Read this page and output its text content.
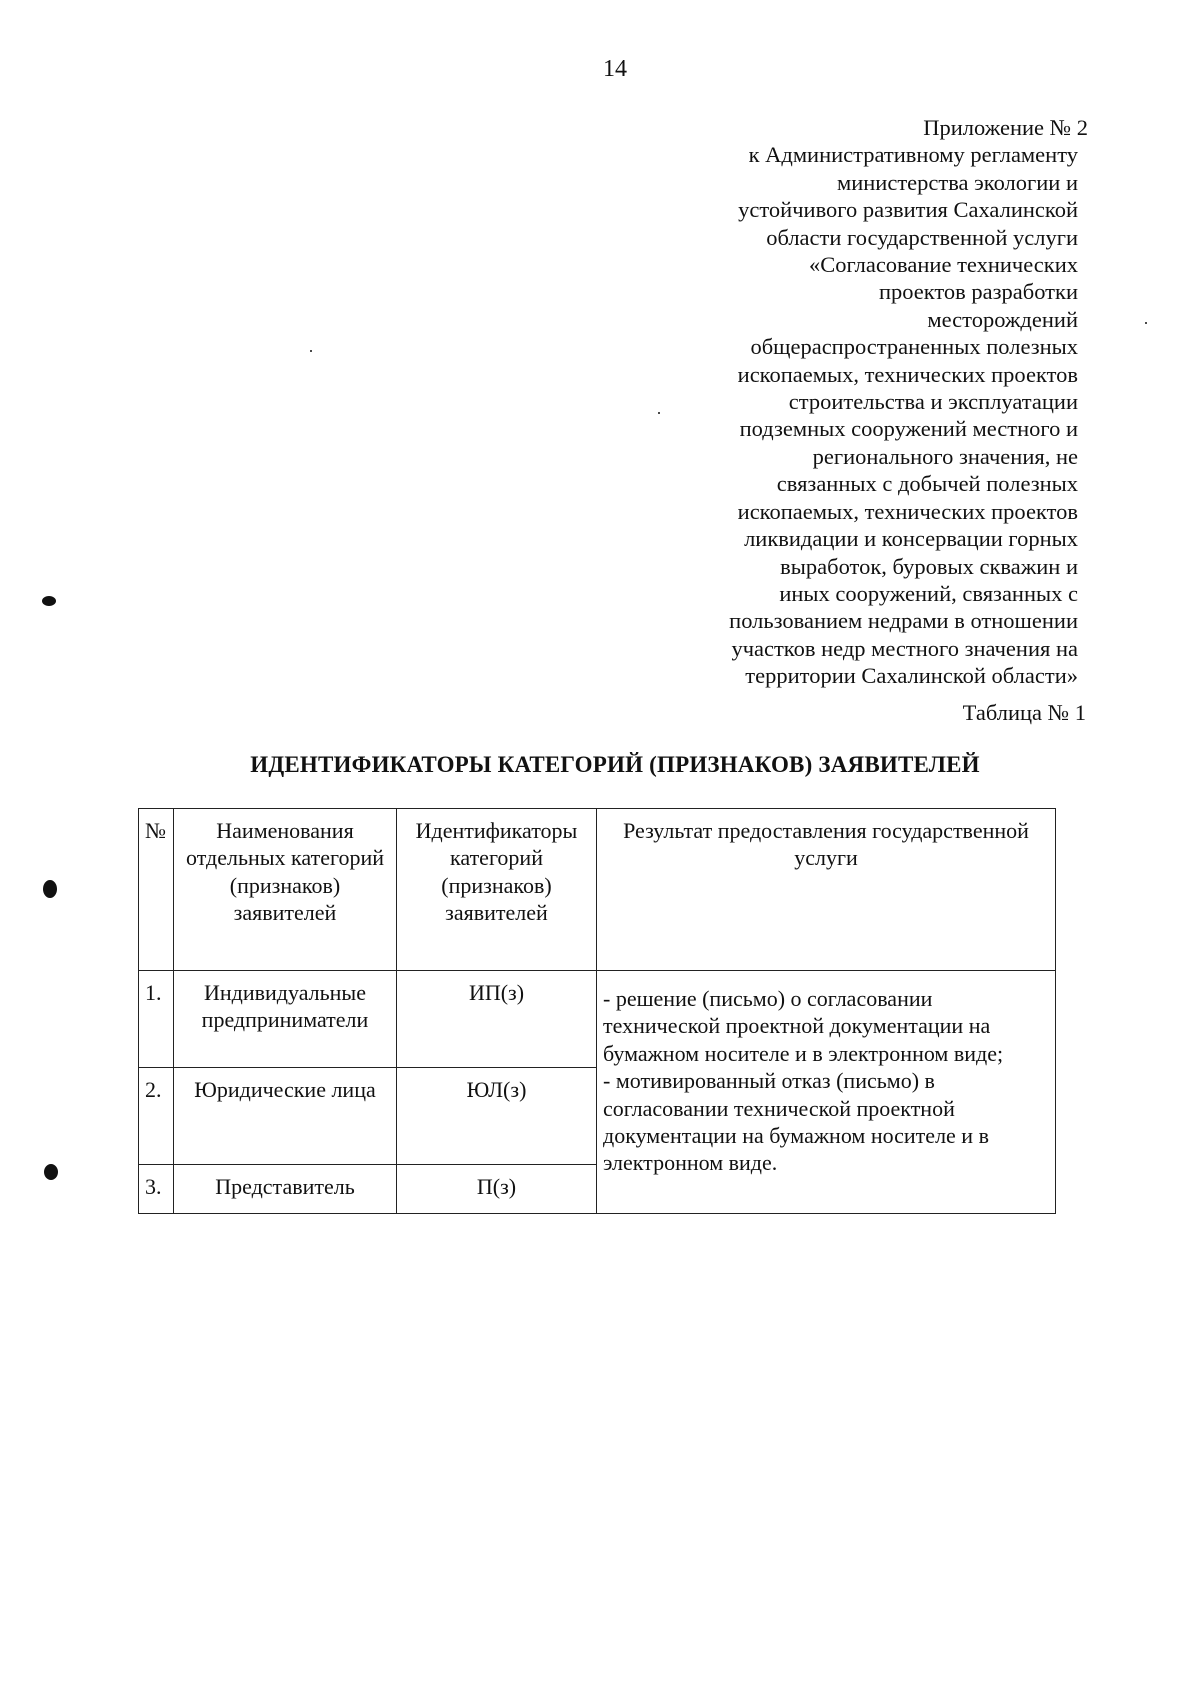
14
Приложение № 2
к Административному регламенту
министерства экологии и
устойчивого развития Сахалинской
области государственной услуги
«Согласование технических
проектов разработки
месторождений
общераспространенных полезных
ископаемых, технических проектов
строительства и эксплуатации
подземных сооружений местного и
регионального значения, не
связанных с добычей полезных
ископаемых, технических проектов
ликвидации и консервации горных
выработок, буровых скважин и
иных сооружений, связанных с
пользованием недрами в отношении
участков недр местного значения на
территории Сахалинской области»
Таблица № 1
ИДЕНТИФИКАТОРЫ КАТЕГОРИЙ (ПРИЗНАКОВ) ЗАЯВИТЕЛЕЙ
№	Наименования отдельных категорий (признаков) заявителей	Идентификаторы категорий (признаков) заявителей	Результат предоставления государственной услуги
1.	Индивидуальные предприниматели	ИП(з)	- решение (письмо) о согласовании технической проектной документации на бумажном носителе и в электронном виде;
- мотивированный отказ (письмо) в согласовании технической проектной документации на бумажном носителе и в электронном виде.

2.	Юридические лица	ЮЛ(з)	
3.	Представитель	П(з)	
